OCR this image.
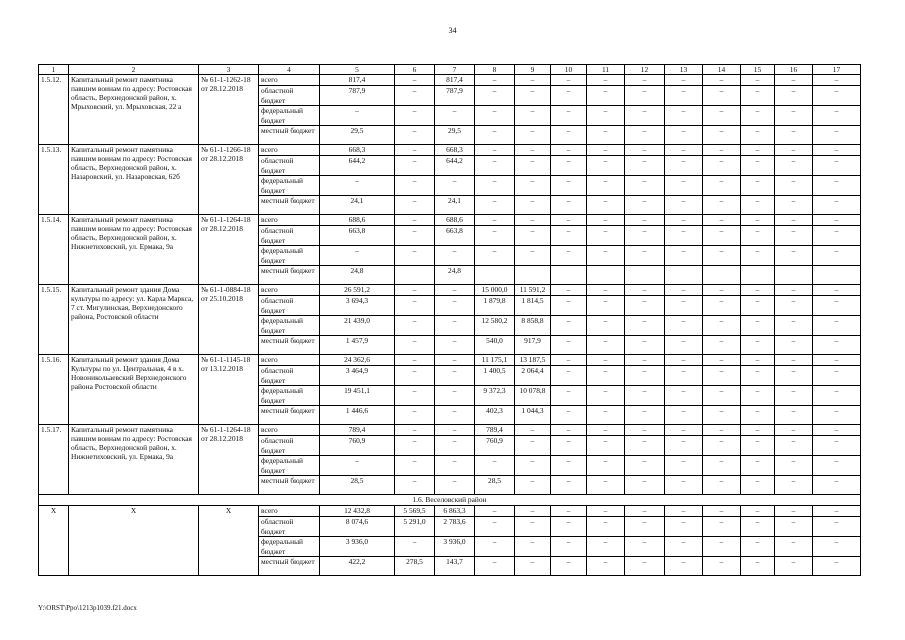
34
1	2	3	4	5	6	7	8	9	10	11	12	13	14	15	16	17
1.5.12.	Капитальный ремонт памятника павшим воинам по адресу: Ростовская область, Верхнедонской район, х. Мрыховский, ул. Мрыховская, 22 а	№ 61-1-1262-18 от 28.12.2018	всего	817,4	–	817,4	–	–	–	–	–	–	–	–	–	–
			областной бюджет	787,9	–	787,9	–	–	–	–	–	–	–	–	–	–
			федеральный бюджет	–	–	–	–	–	–	–	–	–	–	–	–	–
			местный бюджет	29,5	–	29,5	–	–	–	–	–	–	–	–	–	–
1.5.13.	Капитальный ремонт памятника павшим воинам по адресу: Ростовская область, Верхнедонской район, х. Назаровский, ул. Назаровская, 62б	№ 61-1-1266-18 от 28.12.2018	всего	668,3	–	668,3	–	–	–	–	–	–	–	–	–	–
			областной бюджет	644,2	–	644,2	–	–	–	–	–	–	–	–	–	–
			федеральный бюджет	–	–	–	–	–	–	–	–	–	–	–	–	–
			местный бюджет	24,1	–	24,1	–	–	–	–	–	–	–	–	–	–
1.5.14.	Капитальный ремонт памятника павшим воинам по адресу: Ростовская область, Верхнедонской район, х. Нижнетиховский, ул. Ермака, 9а	№ 61-1-1264-18 от 28.12.2018	всего	688,6	–	688,6	–	–	–	–	–	–	–	–	–	–
			областной бюджет	663,8	–	663,8	–	–	–	–	–	–	–	–	–	–
			федеральный бюджет	–	–	–	–	–	–	–	–	–	–	–	–	–
			местный бюджет	24,8		24,8										
1.5.15.	Капитальный ремонт здания Дома культуры по адресу: ул. Карла Маркса, 7 ст. Мигулинская, Верхнедонского района, Ростовской области	№ 61-1-0884-18 от 25.10.2018	всего	26 591,2	–	–	15 000,0	11 591,2	–	–	–	–	–	–	–	–
			областной бюджет	3 694,3	–	–	1 879,8	1 814,5	–	–	–	–	–	–	–	–
			федеральный бюджет	21 439,0	–	–	12 580,2	8 858,8	–	–	–	–	–	–	–	–
			местный бюджет	1 457,9	–	–	540,0	917,9	–	–	–	–	–	–	–	–
1.5.16.	Капитальный ремонт здания Дома Культуры по ул. Центральная, 4 в х. Новоникольаевский Верхнедонского района Ростовской области	№ 61-1-1145-18 от 13.12.2018	всего	24 362,6	–	–	11 175,1	13 187,5	–	–	–	–	–	–	–	–
			областной бюджет	3 464,9	–	–	1 400,5	2 064,4	–	–	–	–	–	–	–	–
			федеральный бюджет	19 451,1	–	–	9 372,3	10 078,8	–	–	–	–	–	–	–	–
			местный бюджет	1 446,6	–	–	402,3	1 044,3	–	–	–	–	–	–	–	–
1.5.17.	Капитальный ремонт памятника павшим воинам по адресу: Ростовская область, Верхнедонской район, х. Нижнетиховский, ул. Ермака, 9а	№ 61-1-1264-18 от 28.12.2018	всего	789,4	–	–	789,4	–	–	–	–	–	–	–	–	–
			областной бюджет	760,9	–	–	760,9	–	–	–	–	–	–	–	–	–
			федеральный бюджет	–	–	–	–	–	–	–	–	–	–	–	–	–
			местный бюджет	28,5	–	–	28,5	–	–	–	–	–	–	–	–	–
1.6. Веселовский район																
X	X	X	всего	12 432,8	5 569,5	6 863,3	–	–	–	–	–	–	–	–	–	–
			областной бюджет	8 074,6	5 291,0	2 783,6	–	–	–	–	–	–	–	–	–	–
			федеральный бюджет	3 936,0	–	3 936,0	–	–	–	–	–	–	–	–	–	–
			местный бюджет	422,2	278,5	143,7	–	–	–	–	–	–	–	–	–	–
Y:\ORST\Ppo\1213p1039.f21.docx
